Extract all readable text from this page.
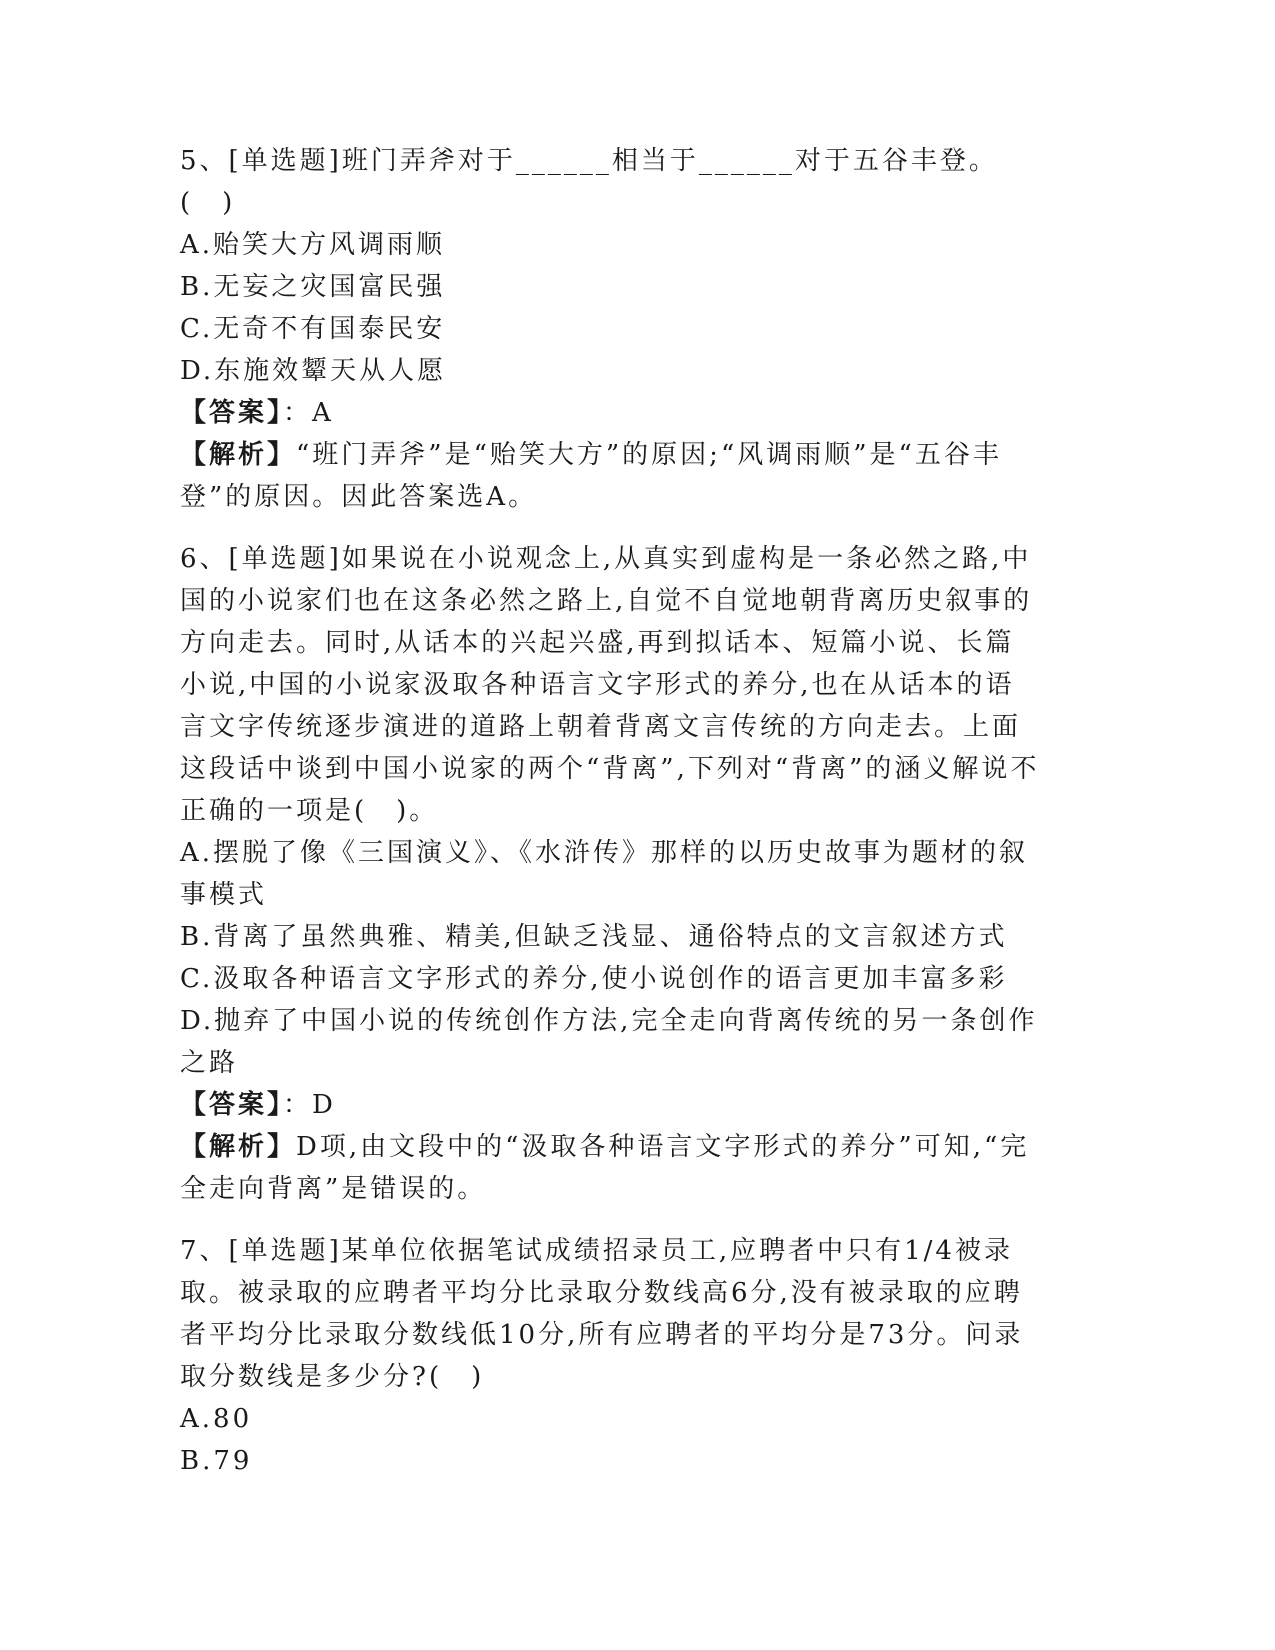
5、[单选题]班门弄斧对于______相当于______对于五谷丰登。(　)
A.贻笑大方风调雨顺
B.无妄之灾国富民强
C.无奇不有国泰民安
D.东施效颦天从人愿
【答案】：A
【解析】“班门弄斧”是“贻笑大方”的原因;“风调雨顺”是“五谷丰登”的原因。因此答案选A。
6、[单选题]如果说在小说观念上,从真实到虚构是一条必然之路,中国的小说家们也在这条必然之路上,自觉不自觉地朝背离历史叙事的方向走去。同时,从话本的兴起兴盛,再到拟话本、短篇小说、长篇小说,中国的小说家汲取各种语言文字形式的养分,也在从话本的语言文字传统逐步演进的道路上朝着背离文言传统的方向走去。上面这段话中谈到中国小说家的两个“背离”,下列对“背离”的涵义解说不正确的一项是(　)。
A.摆脱了像《三国演义》、《水浒传》那样的以历史故事为题材的叙事模式
B.背离了虽然典雅、精美,但缺乏浅显、通俗特点的文言叙述方式
C.汲取各种语言文字形式的养分,使小说创作的语言更加丰富多彩
D.抛弃了中国小说的传统创作方法,完全走向背离传统的另一条创作之路
【答案】：D
【解析】D项,由文段中的“汲取各种语言文字形式的养分”可知,“完全走向背离”是错误的。
7、[单选题]某单位依据笔试成绩招录员工,应聘者中只有1/4被录取。被录取的应聘者平均分比录取分数线高6分,没有被录取的应聘者平均分比录取分数线低10分,所有应聘者的平均分是73分。问录取分数线是多少分?(　)
A.80
B.79
